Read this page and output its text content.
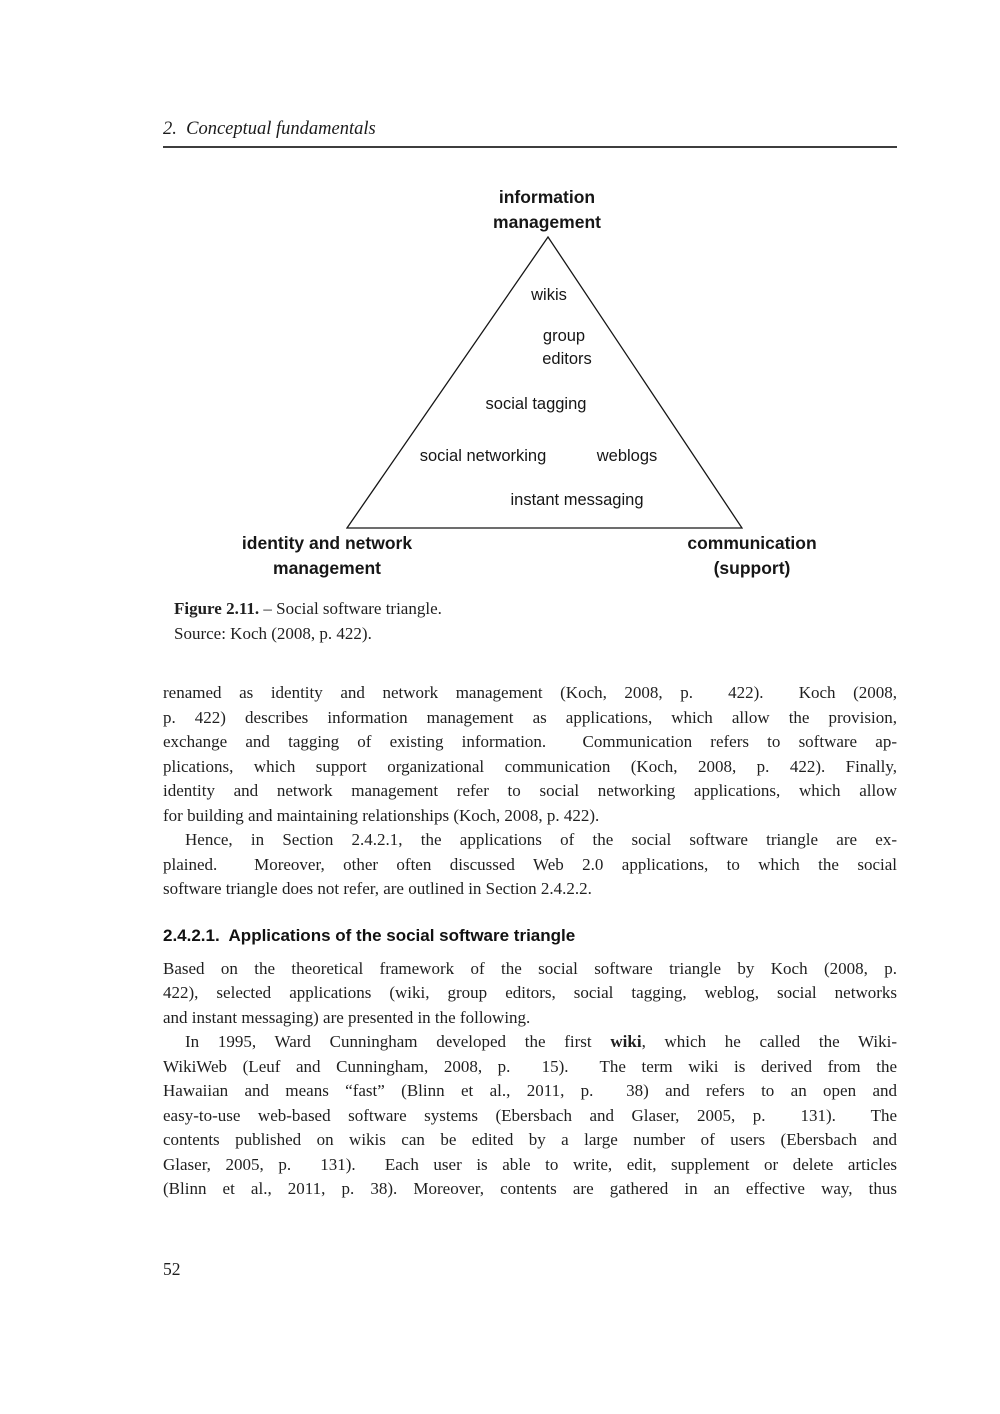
2.  Conceptual fundamentals
information
management
wikis
group
editors
social tagging
social networking	weblogs
instant messaging
identity and network
management
communication
(support)
Figure 2.11. – Social software triangle.
Source: Koch (2008, p. 422).
renamed as identity and network management (Koch, 2008, p.  422).  Koch (2008,
p. 422) describes information management as applications, which allow the provision,
exchange and tagging of existing information.  Communication refers to software ap-
plications, which support organizational communication (Koch, 2008, p. 422). Finally,
identity and network management refer to social networking applications, which allow
for building and maintaining relationships (Koch, 2008, p. 422).
Hence, in Section 2.4.2.1, the applications of the social software triangle are ex-
plained.  Moreover, other often discussed Web 2.0 applications, to which the social
software triangle does not refer, are outlined in Section 2.4.2.2.
2.4.2.1.  Applications of the social software triangle
Based on the theoretical framework of the social software triangle by Koch (2008, p.
422), selected applications (wiki, group editors, social tagging, weblog, social networks
and instant messaging) are presented in the following.
In 1995, Ward Cunningham developed the first wiki, which he called the Wiki-
WikiWeb (Leuf and Cunningham, 2008, p.  15).  The term wiki is derived from the
Hawaiian and means “fast” (Blinn et al., 2011, p.  38) and refers to an open and
easy-to-use web-based software systems (Ebersbach and Glaser, 2005, p.  131).  The
contents published on wikis can be edited by a large number of users (Ebersbach and
Glaser, 2005, p.  131).  Each user is able to write, edit, supplement or delete articles
(Blinn et al., 2011, p. 38). Moreover, contents are gathered in an effective way, thus
52
